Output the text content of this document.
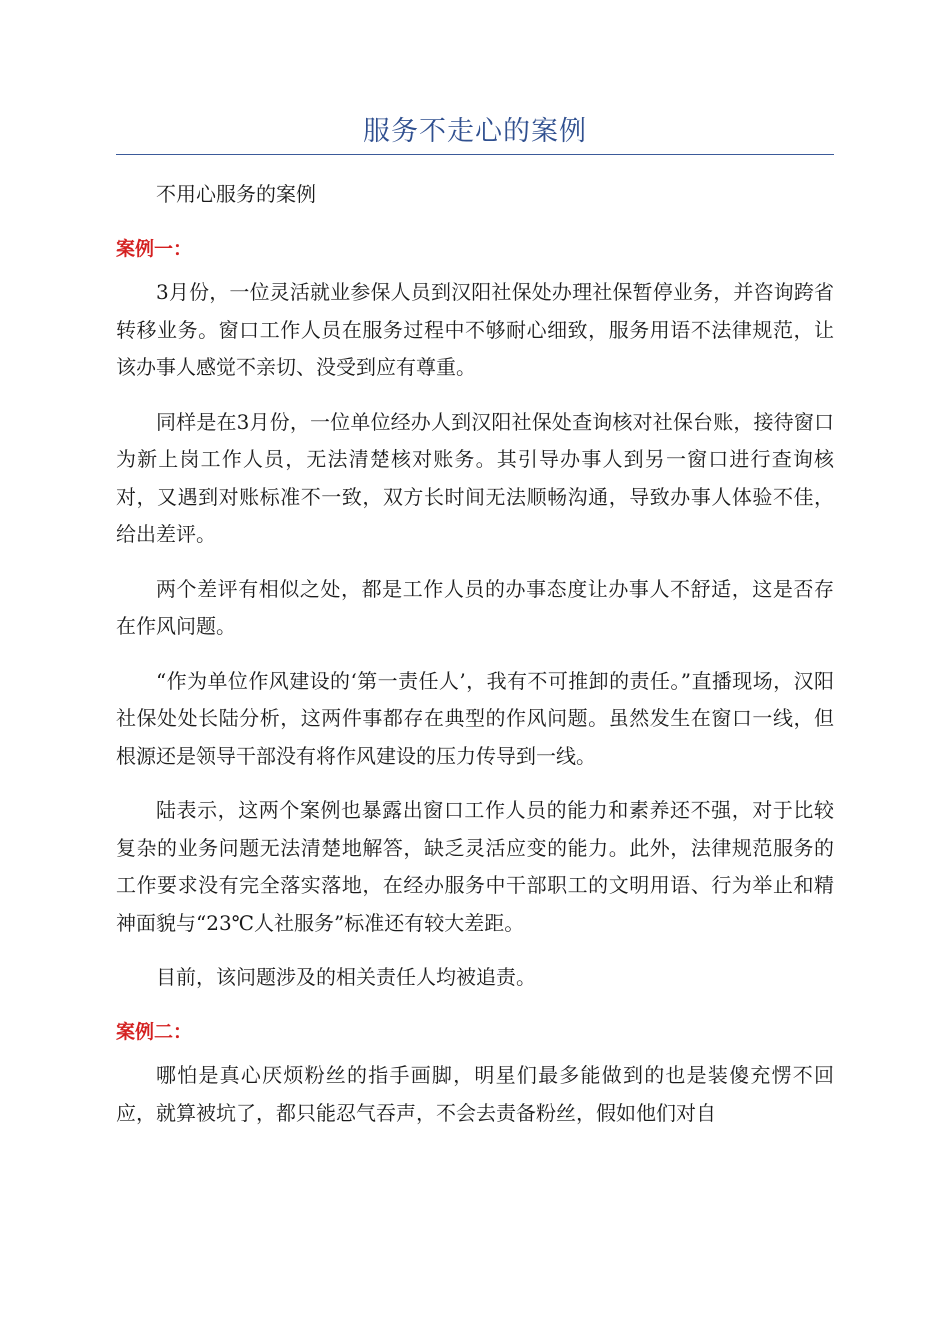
服务不走心的案例

不用心服务的案例

案例一：

3月份，一位灵活就业参保人员到汉阳社保处办理社保暂停业务，并咨询跨省转移业务。窗口工作人员在服务过程中不够耐心细致，服务用语不法律规范，让该办事人感觉不亲切、没受到应有尊重。

同样是在3月份，一位单位经办人到汉阳社保处查询核对社保台账，接待窗口为新上岗工作人员，无法清楚核对账务。其引导办事人到另一窗口进行查询核对，又遇到对账标准不一致，双方长时间无法顺畅沟通，导致办事人体验不佳，给出差评。

两个差评有相似之处，都是工作人员的办事态度让办事人不舒适，这是否存在作风问题。

“作为单位作风建设的‘第一责任人’，我有不可推卸的责任。”直播现场，汉阳社保处处长陆分析，这两件事都存在典型的作风问题。虽然发生在窗口一线，但根源还是领导干部没有将作风建设的压力传导到一线。

陆表示，这两个案例也暴露出窗口工作人员的能力和素养还不强，对于比较复杂的业务问题无法清楚地解答，缺乏灵活应变的能力。此外，法律规范服务的工作要求没有完全落实落地，在经办服务中干部职工的文明用语、行为举止和精神面貌与“23℃人社服务”标准还有较大差距。

目前，该问题涉及的相关责任人均被追责。

案例二：

哪怕是真心厌烦粉丝的指手画脚，明星们最多能做到的也是装傻充愣不回应，就算被坑了，都只能忍气吞声，不会去责备粉丝，假如他们对自
